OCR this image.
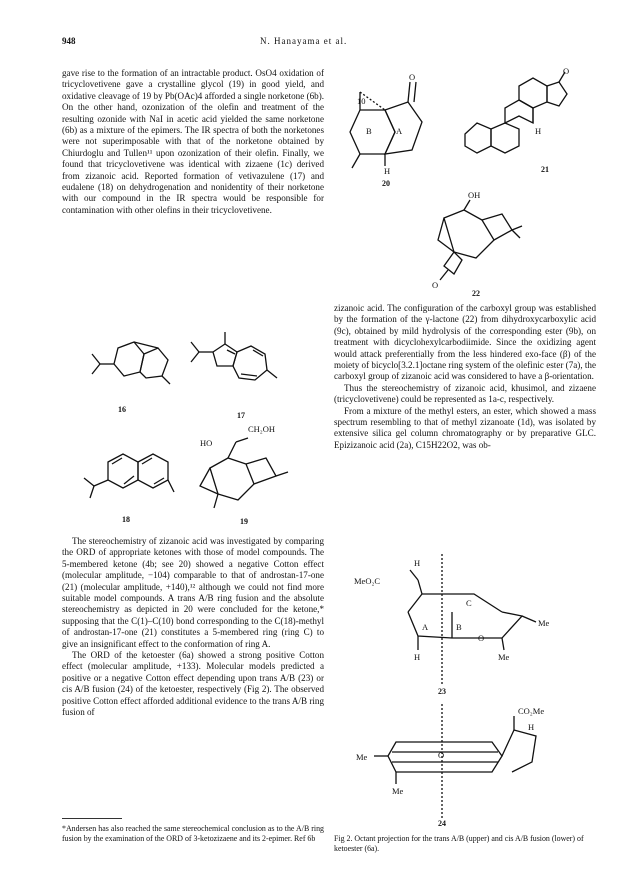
948	N. Hanayama et al.

gave rise to the formation of an intractable product. OsO4 oxidation of tricyclovetivene gave a crystalline glycol (19) in good yield, and oxidative cleavage of 19 by Pb(OAc)4 afforded a single norketone (6b). On the other hand, ozonization of the olefin and treatment of the resulting ozonide with NaI in acetic acid yielded the same norketone (6b) as a mixture of the epimers. The IR spectra of both the norketones were not superimposable with that of the norketone obtained by Chiurdoglu and Tullen¹¹ upon ozonization of their olefin. Finally, we found that tricyclovetivene was identical with zizaene (1c) derived from zizanoic acid. Reported formation of vetivazulene (17) and eudalene (18) on dehydrogenation and nonidentity of their norketone with our compound in the IR spectra would be responsible for contamination with other olefins in their tricyclovetivene.

The stereochemistry of zizanoic acid was investigated by comparing the ORD of appropriate ketones with those of model compounds. The 5-membered ketone (4b; see 20) showed a negative Cotton effect (molecular amplitude, −104) comparable to that of androstan-17-one (21) (molecular amplitude, +140),¹² although we could not find more suitable model compounds. A trans A/B ring fusion and the absolute stereochemistry as depicted in 20 were concluded for the ketone,* supposing that the C(1)–C(10) bond corresponding to the C(18)-methyl of androstan-17-one (21) constitutes a 5-membered ring (ring C) to give an insignificant effect to the conformation of ring A.

The ORD of the ketoester (6a) showed a strong positive Cotton effect (molecular amplitude, +133). Molecular models predicted a positive or a negative Cotton effect depending upon trans A/B (23) or cis A/B fusion (24) of the ketoester, respectively (Fig 2). The observed positive Cotton effect afforded additional evidence to the trans A/B ring fusion of

*Andersen has also reached the same stereochemical conclusion as to the A/B ring fusion by the examination of the ORD of 3-ketozizaene and its 2-epimer. Ref 6b

zizanoic acid. The configuration of the carboxyl group was established by the formation of the γ-lactone (22) from dihydroxycarboxylic acid (9c), obtained by mild hydrolysis of the corresponding ester (9b), on treatment with dicyclohexylcarbodiimide. Since the oxidizing agent would attack preferentially from the less hindered exo-face (β) of the moiety of bicyclo[3.2.1]octane ring system of the olefinic ester (7a), the carboxyl group of zizanoic acid was considered to have a β-orientation.

Thus the stereochemistry of zizanoic acid, khusimol, and zizaene (tricyclovetivene) could be represented as 1a-c, respectively.

From a mixture of the methyl esters, an ester, which showed a mass spectrum resembling to that of methyl zizanoate (1d), was isolated by extensive silica gel column chromatography or by preparative GLC. Epizizanoic acid (2a), C15H22O2, was ob-

Fig 2. Octant projection for the trans A/B (upper) and cis A/B fusion (lower) of ketoester (6a).
O
B	A
10
H
20
O
H
21
OH
O
22
16
17
18
HO
CH₂OH
19
H
MeO₂C
C
A	B
O
Me
H	Me
23
CO₂Me
H
Me	O
Me
24
